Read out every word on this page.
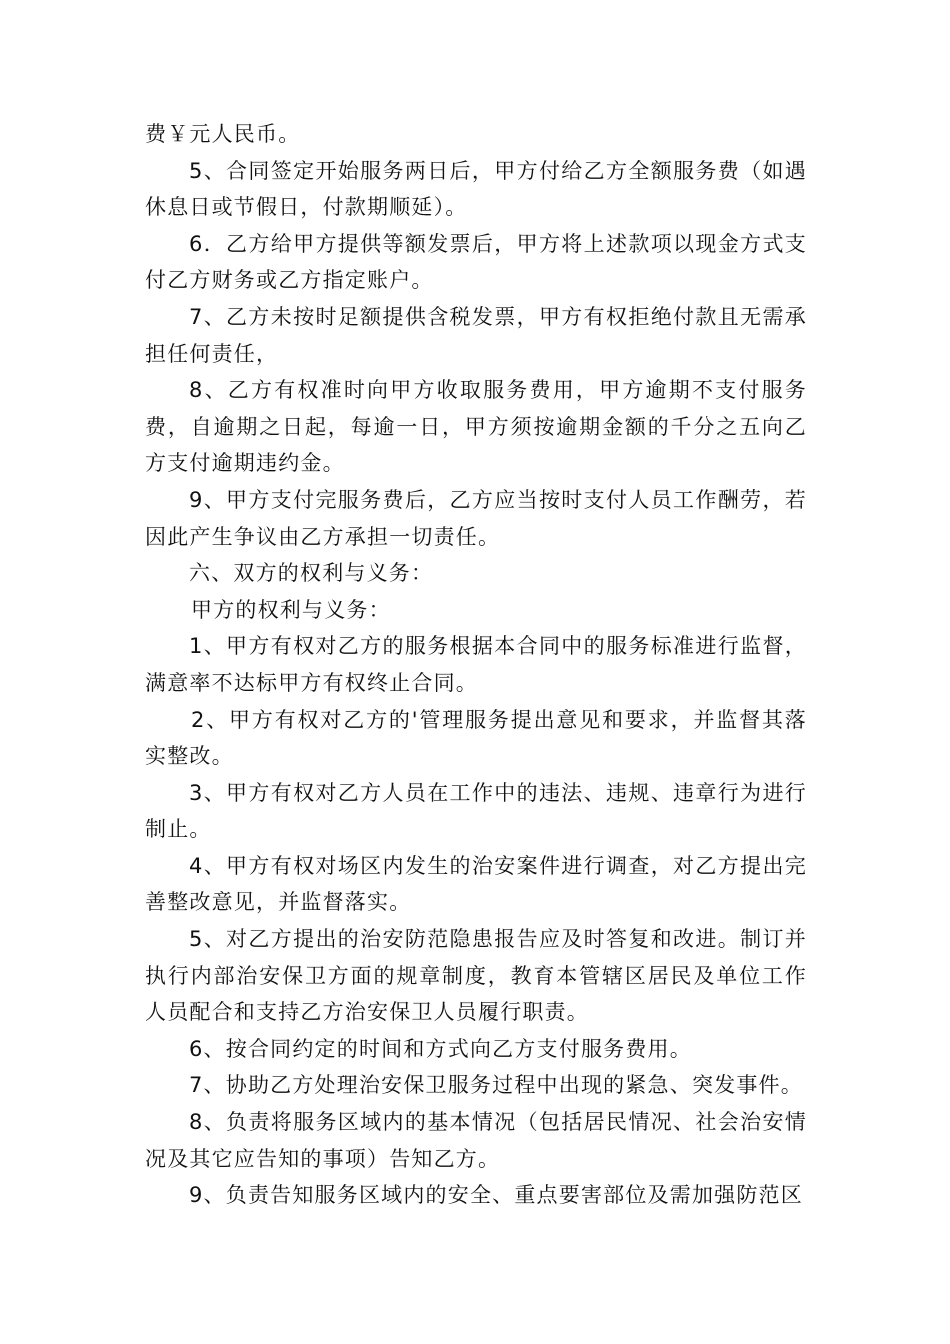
费￥元人民币。

5、合同签定开始服务两日后，甲方付给乙方全额服务费（如遇休息日或节假日，付款期顺延）。

6．乙方给甲方提供等额发票后，甲方将上述款项以现金方式支付乙方财务或乙方指定账户。

7、乙方未按时足额提供含税发票，甲方有权拒绝付款且无需承担任何责任，

8、乙方有权准时向甲方收取服务费用，甲方逾期不支付服务费，自逾期之日起，每逾一日，甲方须按逾期金额的千分之五向乙方支付逾期违约金。

9、甲方支付完服务费后，乙方应当按时支付人员工作酬劳，若因此产生争议由乙方承担一切责任。

六、双方的权利与义务：

甲方的权利与义务：

1、甲方有权对乙方的服务根据本合同中的服务标准进行监督，满意率不达标甲方有权终止合同。

2、甲方有权对乙方的'管理服务提出意见和要求，并监督其落实整改。

3、甲方有权对乙方人员在工作中的违法、违规、违章行为进行制止。

4、甲方有权对场区内发生的治安案件进行调查，对乙方提出完善整改意见，并监督落实。

5、对乙方提出的治安防范隐患报告应及时答复和改进。制订并执行内部治安保卫方面的规章制度，教育本管辖区居民及单位工作人员配合和支持乙方治安保卫人员履行职责。

6、按合同约定的时间和方式向乙方支付服务费用。

7、协助乙方处理治安保卫服务过程中出现的紧急、突发事件。

8、负责将服务区域内的基本情况（包括居民情况、社会治安情况及其它应告知的事项）告知乙方。

9、负责告知服务区域内的安全、重点要害部位及需加强防范区
